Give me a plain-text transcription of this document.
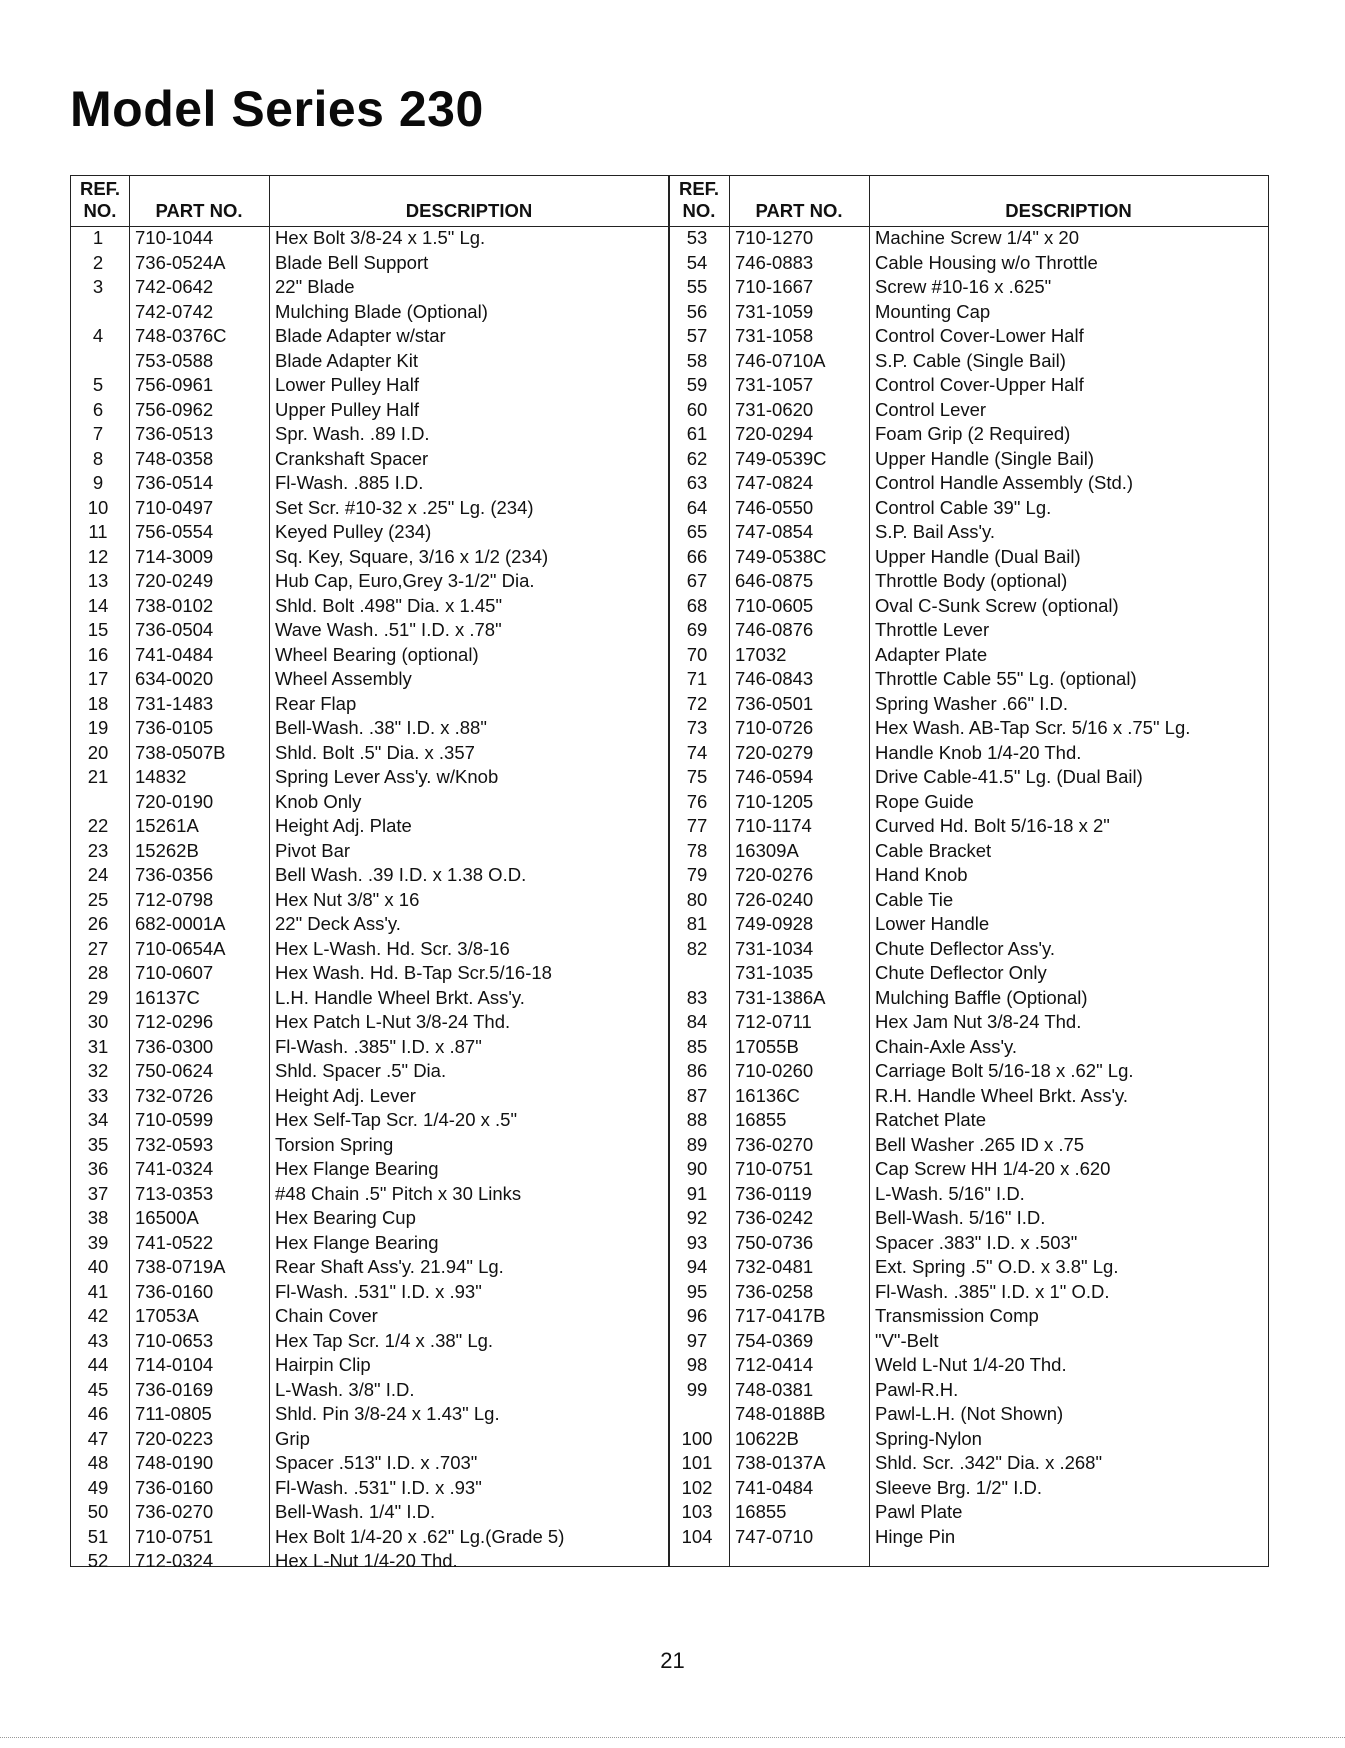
Model Series 230
REF.
NO.	PART NO.	DESCRIPTION
1	710-1044	Hex Bolt 3/8-24 x 1.5" Lg.
2	736-0524A	Blade Bell Support
3	742-0642	22" Blade
742-0742	Mulching Blade (Optional)
4	748-0376C	Blade Adapter w/star
753-0588	Blade Adapter Kit
5	756-0961	Lower Pulley Half
6	756-0962	Upper Pulley Half
7	736-0513	Spr. Wash. .89 I.D.
8	748-0358	Crankshaft Spacer
9	736-0514	Fl-Wash. .885 I.D.
10	710-0497	Set Scr. #10-32 x .25" Lg. (234)
11	756-0554	Keyed Pulley (234)
12	714-3009	Sq. Key, Square, 3/16 x 1/2 (234)
13	720-0249	Hub Cap, Euro,Grey 3-1/2" Dia.
14	738-0102	Shld. Bolt .498" Dia. x 1.45"
15	736-0504	Wave Wash. .51" I.D. x .78"
16	741-0484	Wheel Bearing (optional)
17	634-0020	Wheel Assembly
18	731-1483	Rear Flap
19	736-0105	Bell-Wash. .38" I.D. x .88"
20	738-0507B	Shld. Bolt .5" Dia. x .357
21	14832	Spring Lever Ass'y. w/Knob
720-0190	Knob Only
22	15261A	Height Adj. Plate
23	15262B	Pivot Bar
24	736-0356	Bell Wash. .39 I.D. x 1.38 O.D.
25	712-0798	Hex Nut 3/8" x 16
26	682-0001A	22" Deck Ass'y.
27	710-0654A	Hex L-Wash. Hd. Scr. 3/8-16
28	710-0607	Hex Wash. Hd. B-Tap Scr.5/16-18
29	16137C	L.H. Handle Wheel Brkt. Ass'y.
30	712-0296	Hex Patch L-Nut 3/8-24 Thd.
31	736-0300	Fl-Wash. .385" I.D. x .87"
32	750-0624	Shld. Spacer .5" Dia.
33	732-0726	Height Adj. Lever
34	710-0599	Hex Self-Tap Scr. 1/4-20 x .5"
35	732-0593	Torsion Spring
36	741-0324	Hex Flange Bearing
37	713-0353	#48 Chain .5" Pitch x 30 Links
38	16500A	Hex Bearing Cup
39	741-0522	Hex Flange Bearing
40	738-0719A	Rear Shaft Ass'y. 21.94" Lg.
41	736-0160	Fl-Wash. .531" I.D. x .93"
42	17053A	Chain Cover
43	710-0653	Hex Tap Scr. 1/4 x .38" Lg.
44	714-0104	Hairpin Clip
45	736-0169	L-Wash. 3/8" I.D.
46	711-0805	Shld. Pin 3/8-24 x 1.43" Lg.
47	720-0223	Grip
48	748-0190	Spacer .513" I.D. x .703"
49	736-0160	Fl-Wash. .531" I.D. x .93"
50	736-0270	Bell-Wash. 1/4" I.D.
51	710-0751	Hex Bolt 1/4-20 x .62" Lg.(Grade 5)
52	712-0324	Hex L-Nut 1/4-20 Thd.
REF.
NO.	PART NO.	DESCRIPTION
53	710-1270	Machine Screw 1/4" x 20
54	746-0883	Cable Housing w/o Throttle
55	710-1667	Screw #10-16 x .625"
56	731-1059	Mounting Cap
57	731-1058	Control Cover-Lower Half
58	746-0710A	S.P. Cable (Single Bail)
59	731-1057	Control Cover-Upper Half
60	731-0620	Control Lever
61	720-0294	Foam Grip (2 Required)
62	749-0539C	Upper Handle (Single Bail)
63	747-0824	Control Handle Assembly (Std.)
64	746-0550	Control Cable 39" Lg.
65	747-0854	S.P. Bail Ass'y.
66	749-0538C	Upper Handle (Dual Bail)
67	646-0875	Throttle Body (optional)
68	710-0605	Oval C-Sunk Screw (optional)
69	746-0876	Throttle Lever
70	17032	Adapter Plate
71	746-0843	Throttle Cable 55" Lg. (optional)
72	736-0501	Spring Washer .66" I.D.
73	710-0726	Hex Wash. AB-Tap Scr. 5/16 x .75" Lg.
74	720-0279	Handle Knob 1/4-20 Thd.
75	746-0594	Drive Cable-41.5" Lg. (Dual Bail)
76	710-1205	Rope Guide
77	710-1174	Curved Hd. Bolt 5/16-18 x 2"
78	16309A	Cable Bracket
79	720-0276	Hand Knob
80	726-0240	Cable Tie
81	749-0928	Lower Handle
82	731-1034	Chute Deflector Ass'y.
731-1035	Chute Deflector Only
83	731-1386A	Mulching Baffle (Optional)
84	712-0711	Hex Jam Nut 3/8-24 Thd.
85	17055B	Chain-Axle Ass'y.
86	710-0260	Carriage Bolt 5/16-18 x .62" Lg.
87	16136C	R.H. Handle Wheel Brkt. Ass'y.
88	16855	Ratchet Plate
89	736-0270	Bell Washer .265 ID x .75
90	710-0751	Cap Screw HH 1/4-20 x .620
91	736-0119	L-Wash. 5/16" I.D.
92	736-0242	Bell-Wash. 5/16" I.D.
93	750-0736	Spacer .383" I.D. x .503"
94	732-0481	Ext. Spring .5" O.D. x 3.8" Lg.
95	736-0258	Fl-Wash. .385" I.D. x 1" O.D.
96	717-0417B	Transmission Comp
97	754-0369	"V"-Belt
98	712-0414	Weld L-Nut 1/4-20 Thd.
99	748-0381	Pawl-R.H.
748-0188B	Pawl-L.H. (Not Shown)
100	10622B	Spring-Nylon
101	738-0137A	Shld. Scr. .342" Dia. x .268"
102	741-0484	Sleeve Brg. 1/2" I.D.
103	16855	Pawl Plate
104	747-0710	Hinge Pin
21
